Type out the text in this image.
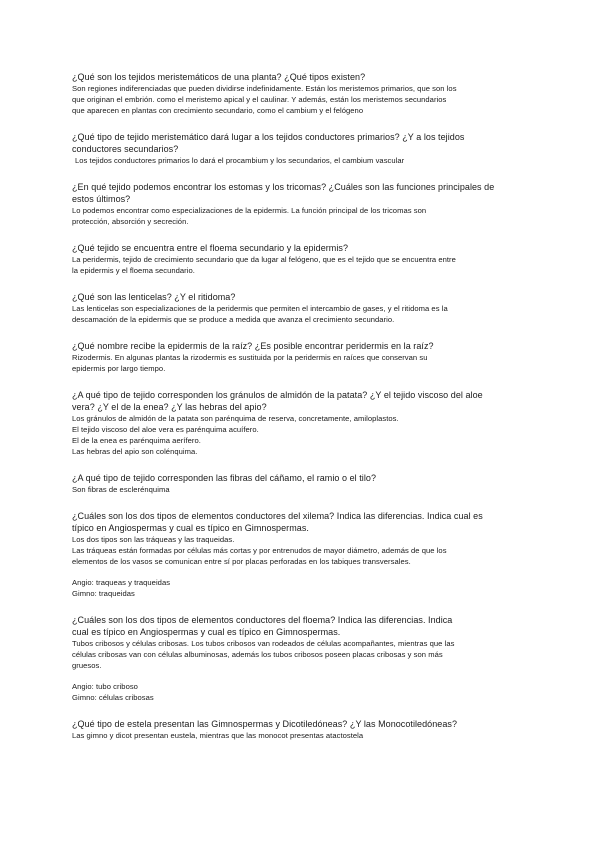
¿Qué son los tejidos meristemáticos de una planta? ¿Qué tipos existen?

Son regiones indiferenciadas que pueden dividirse indefinidamente. Están los meristemos primarios, que son los

que originan el embrión. como el meristemo apical y el caulinar. Y además, están los meristemos secundarios

que aparecen en plantas con crecimiento secundario, como el cambium y el felógeno

¿Qué tipo de tejido meristemático dará lugar a los tejidos conductores primarios? ¿Y a los tejidos

conductores secundarios?

Los tejidos conductores primarios lo dará el procambium y los secundarios, el cambium vascular

¿En qué tejido podemos encontrar los estomas y los tricomas? ¿Cuáles son las funciones principales de

estos últimos?

Lo podemos encontrar como especializaciones de la epidermis. La función principal de los tricomas son

protección, absorción y secreción.

¿Qué tejido se encuentra entre el floema secundario y la epidermis?

La peridermis, tejido de crecimiento secundario que da lugar al felógeno, que es el tejido que se encuentra entre

la epidermis y el floema secundario.

¿Qué son las lenticelas? ¿Y el ritidoma?

Las lenticelas son especializaciones de la peridermis que permiten el intercambio de gases, y el ritidoma es la

descamación de la epidermis que se produce a medida que avanza el crecimiento secundario.

¿Qué nombre recibe la epidermis de la raíz? ¿Es posible encontrar peridermis en la raíz?

Rizodermis. En algunas plantas la rizodermis es sustituida por la peridermis en raíces que conservan su

epidermis por largo tiempo.

¿A qué tipo de tejido corresponden los gránulos de almidón de la patata? ¿Y el tejido viscoso del aloe

vera? ¿Y el de la enea? ¿Y las hebras del apio?

Los gránulos de almidón de la patata son parénquima de reserva, concretamente, amiloplastos.

El tejido viscoso del aloe vera es parénquima acuífero.

El de la enea es parénquima aerífero.

Las hebras del apio son colénquima.

¿A qué tipo de tejido corresponden las fibras del cáñamo, el ramio o el tilo?

Son fibras de esclerénquima

¿Cuáles son los dos tipos de elementos conductores del xilema? Indica las diferencias. Indica cual es

típico en Angiospermas y cual es típico en Gimnospermas.

Los dos tipos son las tráqueas y las traqueidas.

Las tráqueas están formadas por células más cortas y por entrenudos de mayor diámetro, además de que los

elementos de los vasos se comunican entre sí por placas perforadas en los tabiques transversales.

Angio: traqueas y traqueidas

Gimno: traqueidas

¿Cuáles son los dos tipos de elementos conductores del floema? Indica las diferencias. Indica

cual es típico en Angiospermas y cual es típico en Gimnospermas.

Tubos cribosos y células cribosas. Los tubos cribosos van rodeados de células acompañantes, mientras que las

células cribosas van con células albuminosas, además los tubos cribosos poseen placas cribosas y son más

gruesos.

Angio: tubo criboso

Gimno: células cribosas

¿Qué tipo de estela presentan las Gimnospermas y Dicotiledóneas? ¿Y las Monocotiledóneas?

Las gimno y dicot presentan eustela, mientras que las monocot presentas atactostela
